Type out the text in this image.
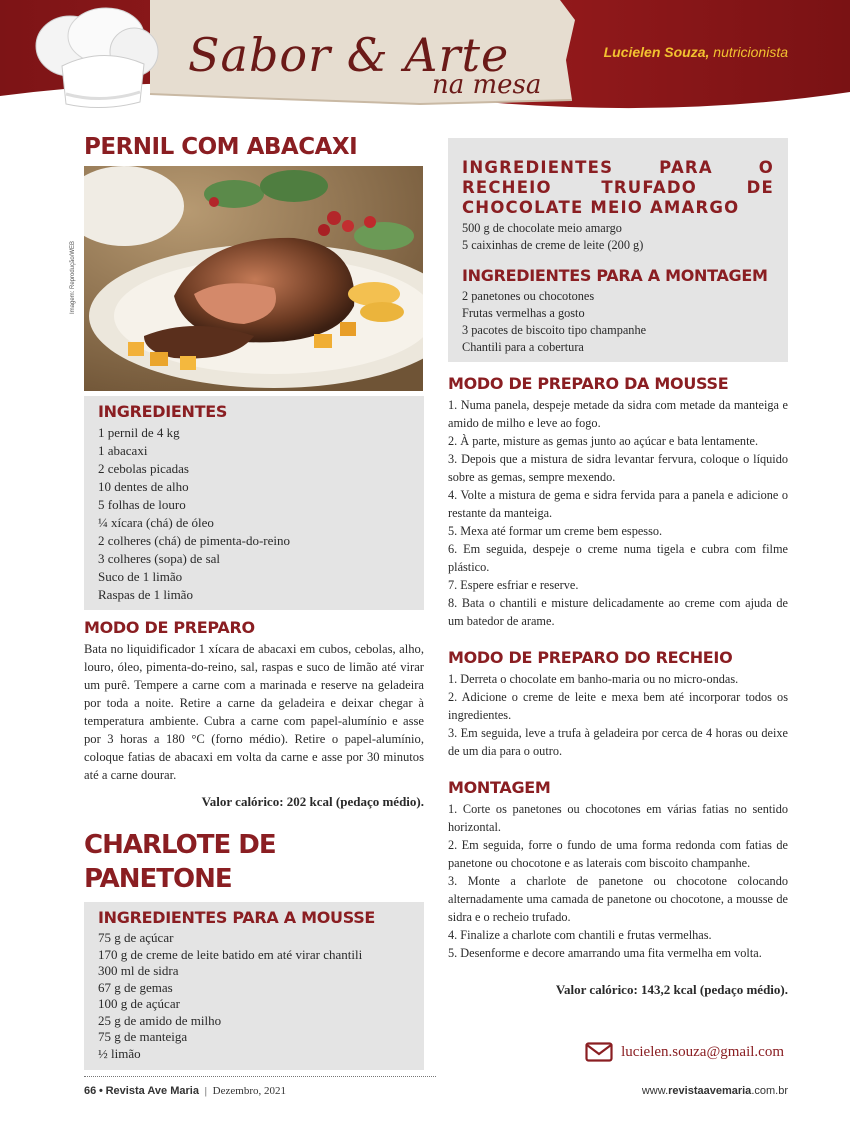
Sabor & Arte
na mesa
Lucielen Souza, nutricionista
PERNIL COM ABACAXI
INGREDIENTES
1 pernil de 4 kg
1 abacaxi
2 cebolas picadas
10 dentes de alho
5 folhas de louro
¼ xícara (chá) de óleo
2 colheres (chá) de pimenta-do-reino
3 colheres (sopa) de sal
Suco de 1 limão
Raspas de 1 limão
MODO DE PREPARO

Bata no liquidificador 1 xícara de abacaxi em cubos, cebolas, alho, louro, óleo, pimenta-do-reino, sal, raspas e suco de limão até virar um purê. Tempere a carne com a marinada e reserve na geladeira por toda a noite. Retire a carne da geladeira e deixar chegar à temperatura ambiente. Cubra a carne com papel-alumínio e asse por 3 horas a 180 °C (forno médio). Retire o papel-alumínio, coloque fatias de abacaxi em volta da carne e asse por 30 minutos até a carne dourar.

Valor calórico: 202 kcal (pedaço médio).
CHARLOTE DE PANETONE
INGREDIENTES PARA A MOUSSE
75 g de açúcar
170 g de creme de leite batido em até virar chantili
300 ml de sidra
67 g de gemas
100 g de açúcar
25 g de amido de milho
75 g de manteiga
½ limão
Imagem: Reprodução/WEB
INGREDIENTES PARA O RECHEIO TRUFADO DE CHOCOLATE MEIO AMARGO
500 g de chocolate meio amargo
5 caixinhas de creme de leite (200 g)
INGREDIENTES PARA A MONTAGEM
2 panetones ou chocotones
Frutas vermelhas a gosto
3 pacotes de biscoito tipo champanhe
Chantili para a cobertura
MODO DE PREPARO DA MOUSSE
1. Numa panela, despeje metade da sidra com metade da manteiga e amido de milho e leve ao fogo.
2. À parte, misture as gemas junto ao açúcar e bata lentamente.
3. Depois que a mistura de sidra levantar fervura, coloque o líquido sobre as gemas, sempre mexendo.
4. Volte a mistura de gema e sidra fervida para a panela e adicione o restante da manteiga.
5. Mexa até formar um creme bem espesso.
6. Em seguida, despeje o creme numa tigela e cubra com filme plástico.
7. Espere esfriar e reserve.
8. Bata o chantili e misture delicadamente ao creme com ajuda de um batedor de arame.
MODO DE PREPARO DO RECHEIO
1. Derreta o chocolate em banho-maria ou no micro-ondas.
2. Adicione o creme de leite e mexa bem até incorporar todos os ingredientes.
3. Em seguida, leve a trufa à geladeira por cerca de 4 horas ou deixe de um dia para o outro.
MONTAGEM
1. Corte os panetones ou chocotones em várias fatias no sentido horizontal.
2. Em seguida, forre o fundo de uma forma redonda com fatias de panetone ou chocotone e as laterais com biscoito champanhe.
3. Monte a charlote de panetone ou chocotone colocando alternadamente uma camada de panetone ou chocotone, a mousse de sidra e o recheio trufado.
4. Finalize a charlote com chantili e frutas vermelhas.
5. Desenforme e decore amarrando uma fita vermelha em volta.
Valor calórico: 143,2 kcal (pedaço médio).
lucielen.souza@gmail.com
66 • Revista Ave Maria | Dezembro, 2021	www.revistaavemaria.com.br
